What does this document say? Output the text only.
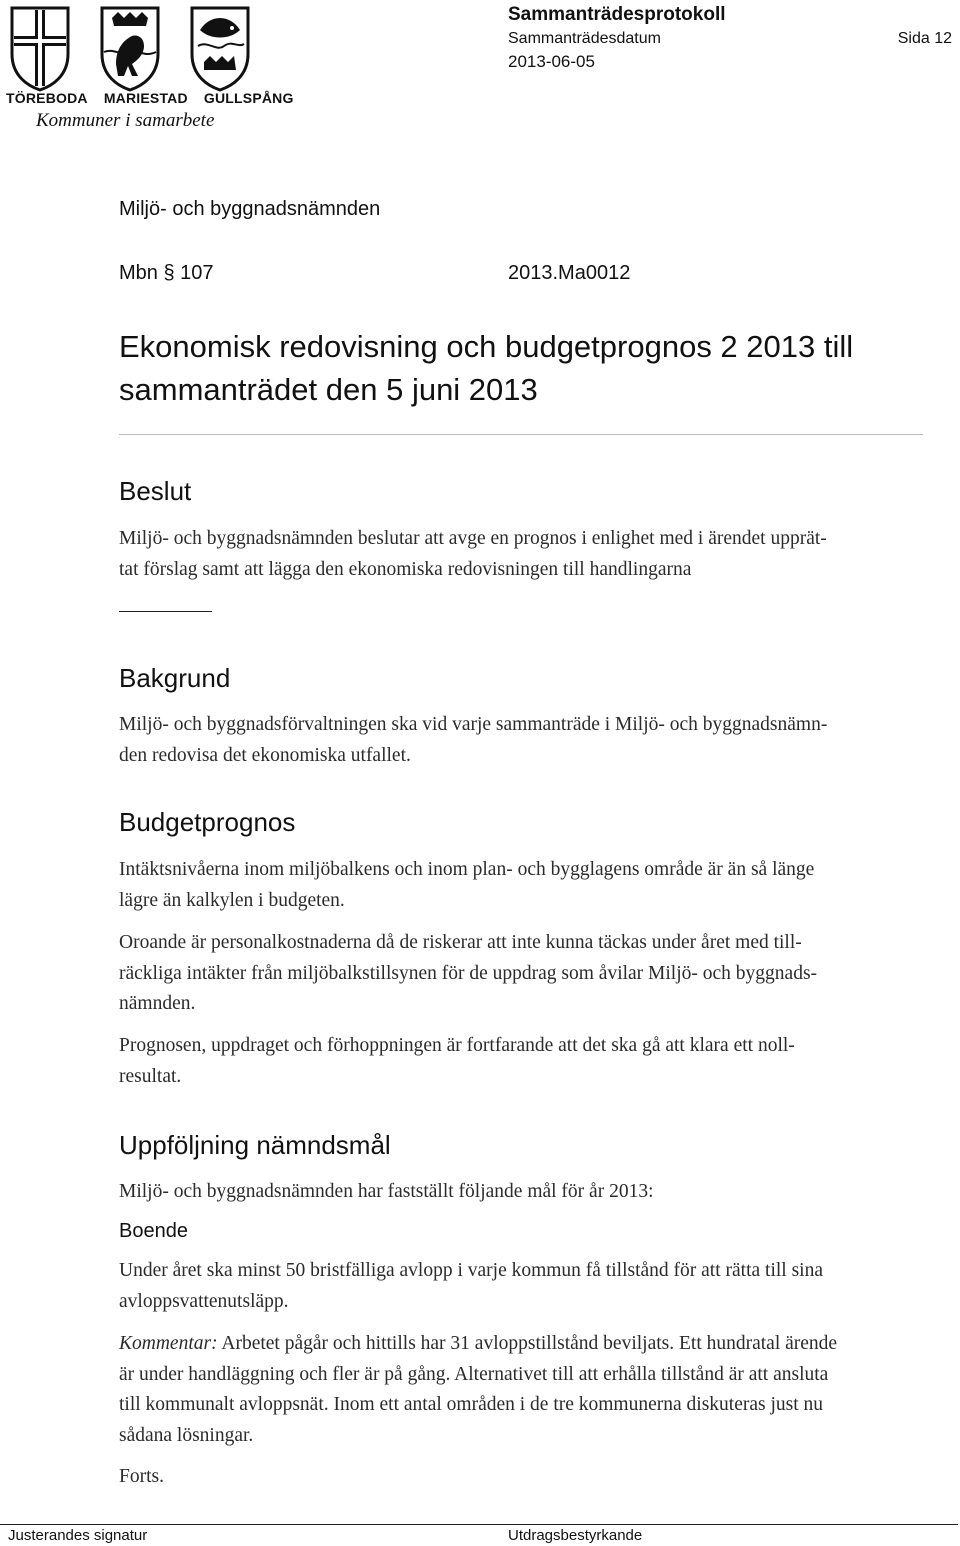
TÖREBODA MARIESTAD GULLSPÅNG
Kommuner i samarbete
Sammanträdesprotokoll
Sammanträdesdatum	Sida 12
2013-06-05
Miljö- och byggnadsnämnden
Mbn § 107	2013.Ma0012
Ekonomisk redovisning och budgetprognos 2 2013 till
sammanträdet den 5 juni 2013
Beslut
Miljö- och byggnadsnämnden beslutar att avge en prognos i enlighet med i ärendet upprät-
tat förslag samt att lägga den ekonomiska redovisningen till handlingarna
Bakgrund
Miljö- och byggnadsförvaltningen ska vid varje sammanträde i Miljö- och byggnadsnämn-
den redovisa det ekonomiska utfallet.
Budgetprognos
Intäktsnivåerna inom miljöbalkens och inom plan- och bygglagens område är än så länge
lägre än kalkylen i budgeten.
Oroande är personalkostnaderna då de riskerar att inte kunna täckas under året med till-
räckliga intäkter från miljöbalkstillsynen för de uppdrag som åvilar Miljö- och byggnads-
nämnden.
Prognosen, uppdraget och förhoppningen är fortfarande att det ska gå att klara ett noll-
resultat.
Uppföljning nämndsmål
Miljö- och byggnadsnämnden har fastställt följande mål för år 2013:
Boende
Under året ska minst 50 bristfälliga avlopp i varje kommun få tillstånd för att rätta till sina
avloppsvattenutsläpp.
Kommentar: Arbetet pågår och hittills har 31 avloppstillstånd beviljats. Ett hundratal ärende
är under handläggning och fler är på gång. Alternativet till att erhålla tillstånd är att ansluta
till kommunalt avloppsnät. Inom ett antal områden i de tre kommunerna diskuteras just nu
sådana lösningar.
Forts.
Justerandes signatur	Utdragsbestyrkande
